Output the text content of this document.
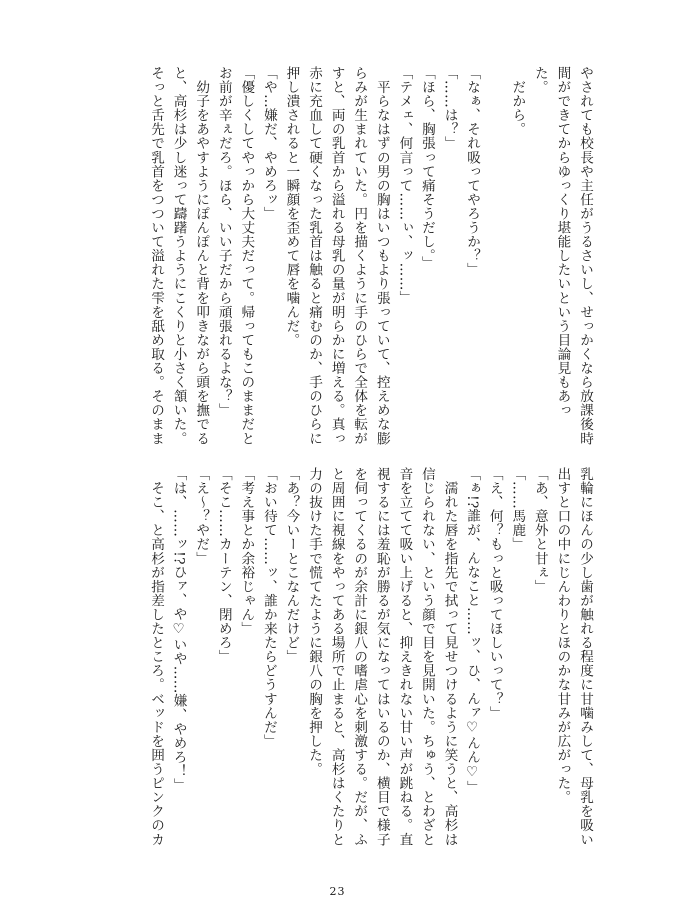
やされても校長や主任がうるさいし、せっかくなら放課後時
間ができてからゆっくり堪能したいという目論見もあっ
た。
　だから。

「なぁ、それ吸ってやろうか？」
「……は？」
「ほら、胸張って痛そうだし。」
「テメェ、何言って……ぃ、ッ……」
　平らなはずの男の胸はいつもより張っていて、控えめな膨
らみが生まれていた。円を描くように手のひらで全体を転が
すと、両の乳首から溢れる母乳の量が明らかに増える。真っ
赤に充血して硬くなった乳首は触ると痛むのか、手のひらに
押し潰されると一瞬顔を歪めて唇を噛んだ。
「や…嫌だ、やめろッ」
「優しくしてやっから大丈夫だって。帰ってもこのままだと
お前が辛ぇだろ。ほら、いい子だから頑張れるよな？」
　幼子をあやすようにぽんぽんと背を叩きながら頭を撫でる
と、高杉は少し迷って躊躇うようにこくりと小さく頷いた。
そっと舌先で乳首をつついて溢れた雫を舐め取る。そのまま
乳輪にほんの少し歯が触れる程度に甘噛みして、母乳を吸い
出すと口の中にじんわりとほのかな甘みが広がった。
「あ、意外と甘ぇ」
「……馬鹿」
「え、何？もっと吸ってほしいって？」
「ぁ!?誰が、んなこと……ッ、ひ、んァ♡んん♡」
　濡れた唇を指先で拭って見せつけるように笑うと、高杉は
信じられない、という顔で目を見開いた。ちゅう、とわざと
音を立てて吸い上げると、抑えきれない甘い声が跳ねる。直
視するには羞恥が勝るが気になってはいるのか、横目で様子
を伺ってくるのが余計に銀八の嗜虐心を刺激する。だが、ふ
と周囲に視線をやってある場所で止まると、高杉はくたりと
力の抜けた手で慌てたように銀八の胸を押した。
「あ？今いーとこなんだけど」
「おい待て……ッ、誰か来たらどうすんだ」
「考え事とか余裕じゃん」
「そこ……カーテン、閉めろ」
「え～？やだ」
「は、……ッ!?ひァ、や♡いや……嫌、やめろ！」
　そこ、と高杉が指差したところ。ベッドを囲うピンクのカ
23
